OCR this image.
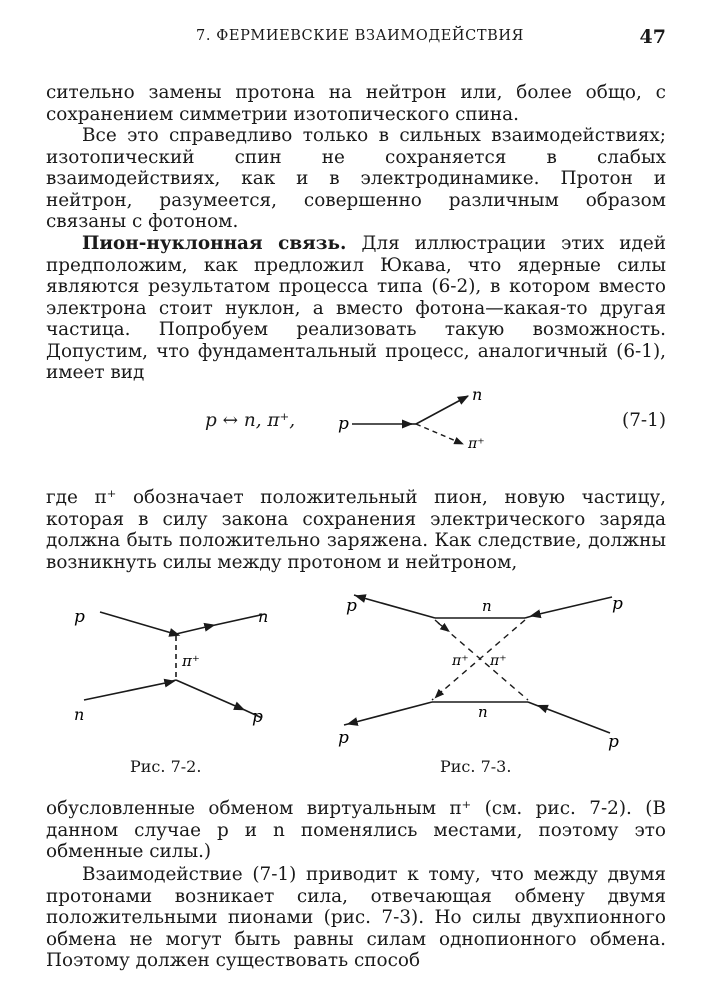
7. ФЕРМИЕВСКИЕ ВЗАИМОДЕЙСТВИЯ	47

сительно замены протона на нейтрон или, более общо, с сохранением симметрии изотопического спина.

Все это справедливо только в сильных взаимодействиях; изотопический спин не сохраняется в слабых взаимодействиях, как и в электродинамике. Протон и нейтрон, разумеется, совершенно различным образом связаны с фотоном.

Пион-нуклонная связь. Для иллюстрации этих идей предположим, как предложил Юкава, что ядерные силы являются результатом процесса типа (6-2), в котором вместо электрона стоит нуклон, а вместо фотона—какая-то другая частица. Попробуем реализовать такую возможность. Допустим, что фундаментальный процесс, аналогичный (6-1), имеет вид

p ↔ n, π⁺,	p
n
π⁺
(7-1)

где π⁺ обозначает положительный пион, новую частицу, которая в силу закона сохранения электрического заряда должна быть положительно заряжена. Как следствие, должны возникнуть силы между протоном и нейтроном,

p	n
π⁺
n	p
Рис. 7-2.
p	p
n
π⁺ π⁺
n
p	p
Рис. 7-3.

обусловленные обменом виртуальным π⁺ (см. рис. 7-2). (В данном случае p и n поменялись местами, поэтому это обменные силы.)

Взаимодействие (7-1) приводит к тому, что между двумя протонами возникает сила, отвечающая обмену двумя положительными пионами (рис. 7-3). Но силы двухпионного обмена не могут быть равны силам однопионного обмена. Поэтому должен существовать способ
